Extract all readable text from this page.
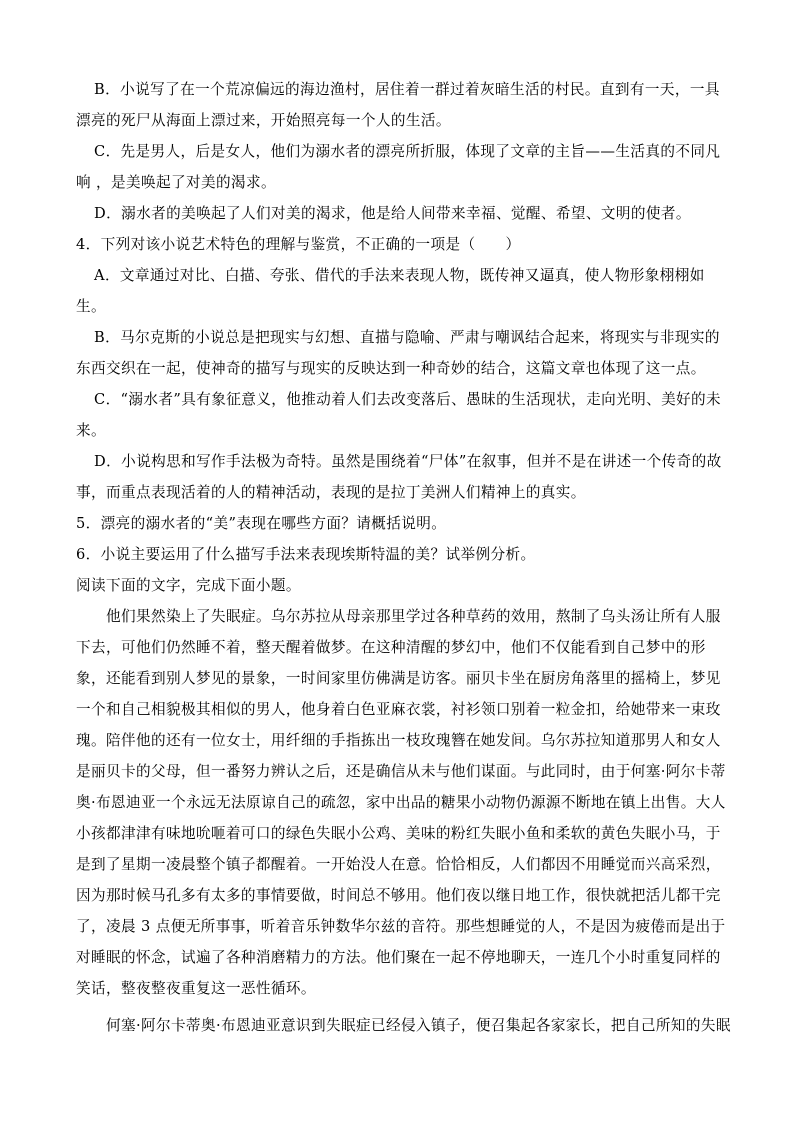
B．小说写了在一个荒凉偏远的海边渔村，居住着一群过着灰暗生活的村民。直到有一天，一具
漂亮的死尸从海面上漂过来，开始照亮每一个人的生活。
C．先是男人，后是女人，他们为溺水者的漂亮所折服，体现了文章的主旨——生活真的不同凡
响 ，是美唤起了对美的渴求。
D．溺水者的美唤起了人们对美的渴求，他是给人间带来幸福、觉醒、希望、文明的使者。
4．下列对该小说艺术特色的理解与鉴赏，不正确的一项是（　　）
A．文章通过对比、白描、夸张、借代的手法来表现人物，既传神又逼真，使人物形象栩栩如
生。
B．马尔克斯的小说总是把现实与幻想、直描与隐喻、严肃与嘲讽结合起来，将现实与非现实的
东西交织在一起，使神奇的描写与现实的反映达到一种奇妙的结合，这篇文章也体现了这一点。
C．“溺水者”具有象征意义，他推动着人们去改变落后、愚昧的生活现状，走向光明、美好的未
来。
D．小说构思和写作手法极为奇特。虽然是围绕着“尸体”在叙事，但并不是在讲述一个传奇的故
事，而重点表现活着的人的精神活动，表现的是拉丁美洲人们精神上的真实。
5．漂亮的溺水者的“美”表现在哪些方面？请概括说明。
6．小说主要运用了什么描写手法来表现埃斯特温的美？试举例分析。
阅读下面的文字，完成下面小题。
他们果然染上了失眠症。乌尔苏拉从母亲那里学过各种草药的效用，熬制了乌头汤让所有人服
下去，可他们仍然睡不着，整天醒着做梦。在这种清醒的梦幻中，他们不仅能看到自己梦中的形
象，还能看到别人梦见的景象，一时间家里仿佛满是访客。丽贝卡坐在厨房角落里的摇椅上，梦见
一个和自己相貌极其相似的男人，他身着白色亚麻衣裳，衬衫领口别着一粒金扣，给她带来一束玫
瑰。陪伴他的还有一位女士，用纤细的手指拣出一枝玫瑰簪在她发间。乌尔苏拉知道那男人和女人
是丽贝卡的父母，但一番努力辨认之后，还是确信从未与他们谋面。与此同时，由于何塞·阿尔卡蒂
奥·布恩迪亚一个永远无法原谅自己的疏忽，家中出品的糖果小动物仍源源不断地在镇上出售。大人
小孩都津津有味地吮咂着可口的绿色失眠小公鸡、美味的粉红失眠小鱼和柔软的黄色失眠小马，于
是到了星期一凌晨整个镇子都醒着。一开始没人在意。恰恰相反，人们都因不用睡觉而兴高采烈，
因为那时候马孔多有太多的事情要做，时间总不够用。他们夜以继日地工作，很快就把活儿都干完
了，凌晨 3 点便无所事事，听着音乐钟数华尔兹的音符。那些想睡觉的人，不是因为疲倦而是出于
对睡眠的怀念，试遍了各种消磨精力的方法。他们聚在一起不停地聊天，一连几个小时重复同样的
笑话，整夜整夜重复这一恶性循环。
何塞·阿尔卡蒂奥·布恩迪亚意识到失眠症已经侵入镇子，便召集起各家家长，把自己所知的失眠
